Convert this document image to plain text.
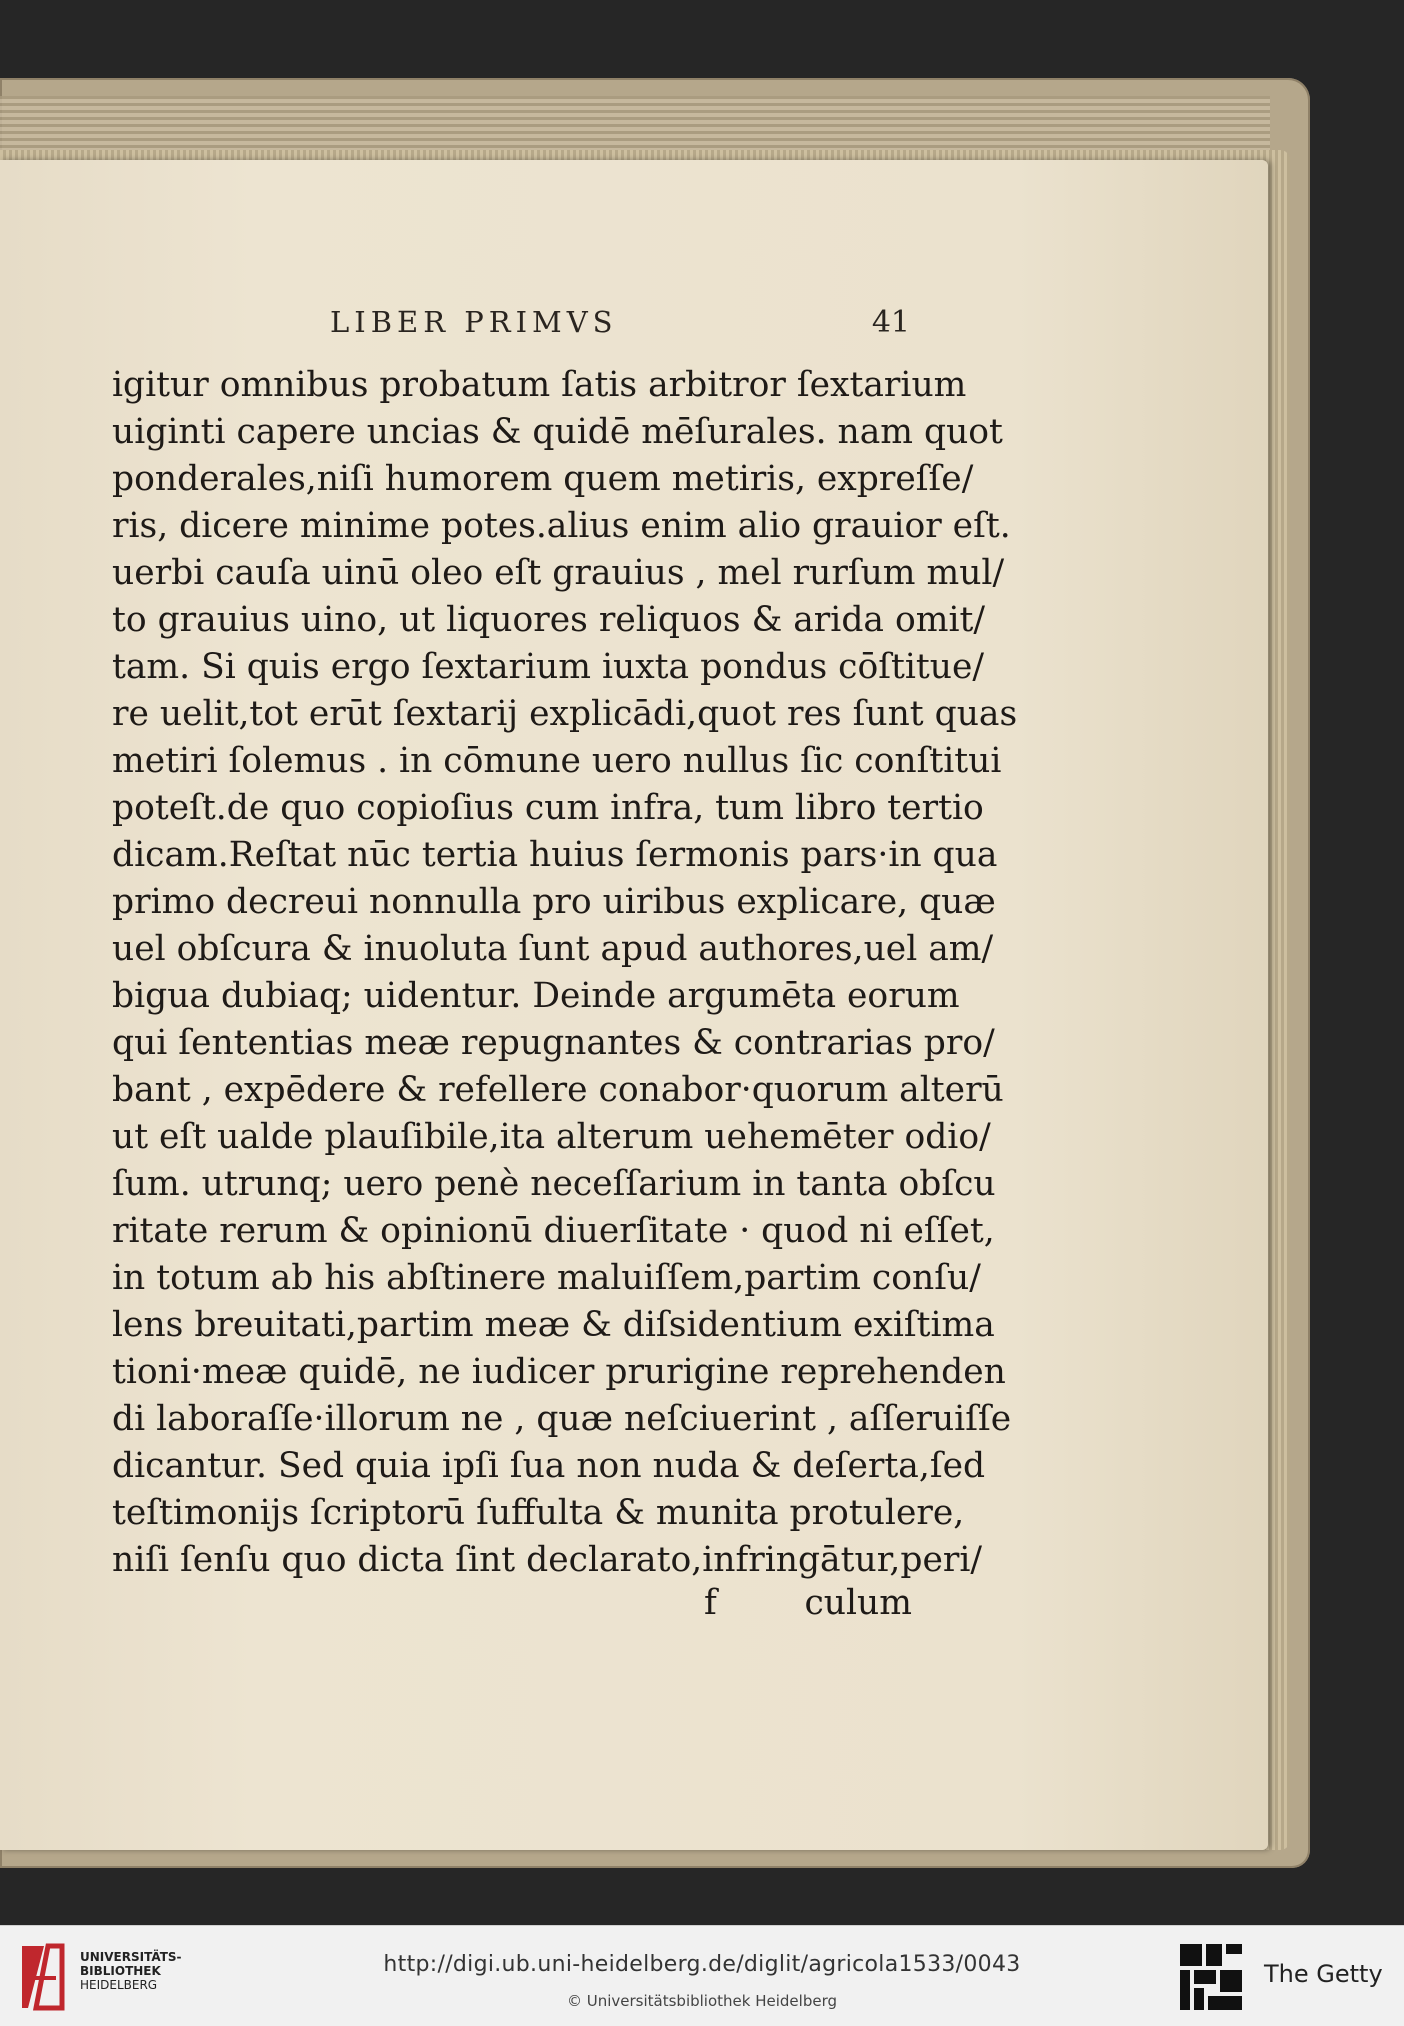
LIBER PRIMVS	41
igitur omnibus probatum ſatis arbitror ſextarium
uiginti capere uncias & quidē mēſurales. nam quot
ponderales,niſi humorem quem metiris, expreſſe/
ris, dicere minime potes.alius enim alio grauior eſt.
uerbi cauſa uinū oleo eſt grauius , mel rurſum mul/
to grauius uino, ut liquores reliquos & arida omit/
tam. Si quis ergo ſextarium iuxta pondus cōſtitue/
re uelit,tot erūt ſextarij explicādi,quot res ſunt quas
metiri ſolemus . in cōmune uero nullus ſic conſtitui
poteſt.de quo copioſius cum infra, tum libro tertio
dicam.Reſtat nūc tertia huius ſermonis pars·in qua
primo decreui nonnulla pro uiribus explicare, quæ
uel obſcura & inuoluta ſunt apud authores,uel am/
bigua dubiaq; uidentur. Deinde argumēta eorum
qui ſententias meæ repugnantes & contrarias pro/
bant , expēdere & refellere conabor·quorum alterū
ut eſt ualde plauſibile,ita alterum uehemēter odio/
ſum. utrunq; uero penè neceſſarium in tanta obſcu
ritate rerum & opinionū diuerſitate · quod ni eſſet,
in totum ab his abſtinere maluiſſem,partim conſu/
lens breuitati,partim meæ & diſsidentium exiſtima
tioni·meæ quidē, ne iudicer prurigine reprehenden
di laboraſſe·illorum ne , quæ neſciuerint , aſſeruiſſe
dicantur. Sed quia ipſi ſua non nuda & deſerta,ſed
teſtimonijs ſcriptorū ſuffulta & munita protulere,
niſi ſenſu quo dicta ſint declarato,infringātur,peri/
f	culum
UNIVERSITÄTS-
BIBLIOTHEK
HEIDELBERG
http://digi.ub.uni-heidelberg.de/diglit/agricola1533/0043
© Universitätsbibliothek Heidelberg
The Getty
